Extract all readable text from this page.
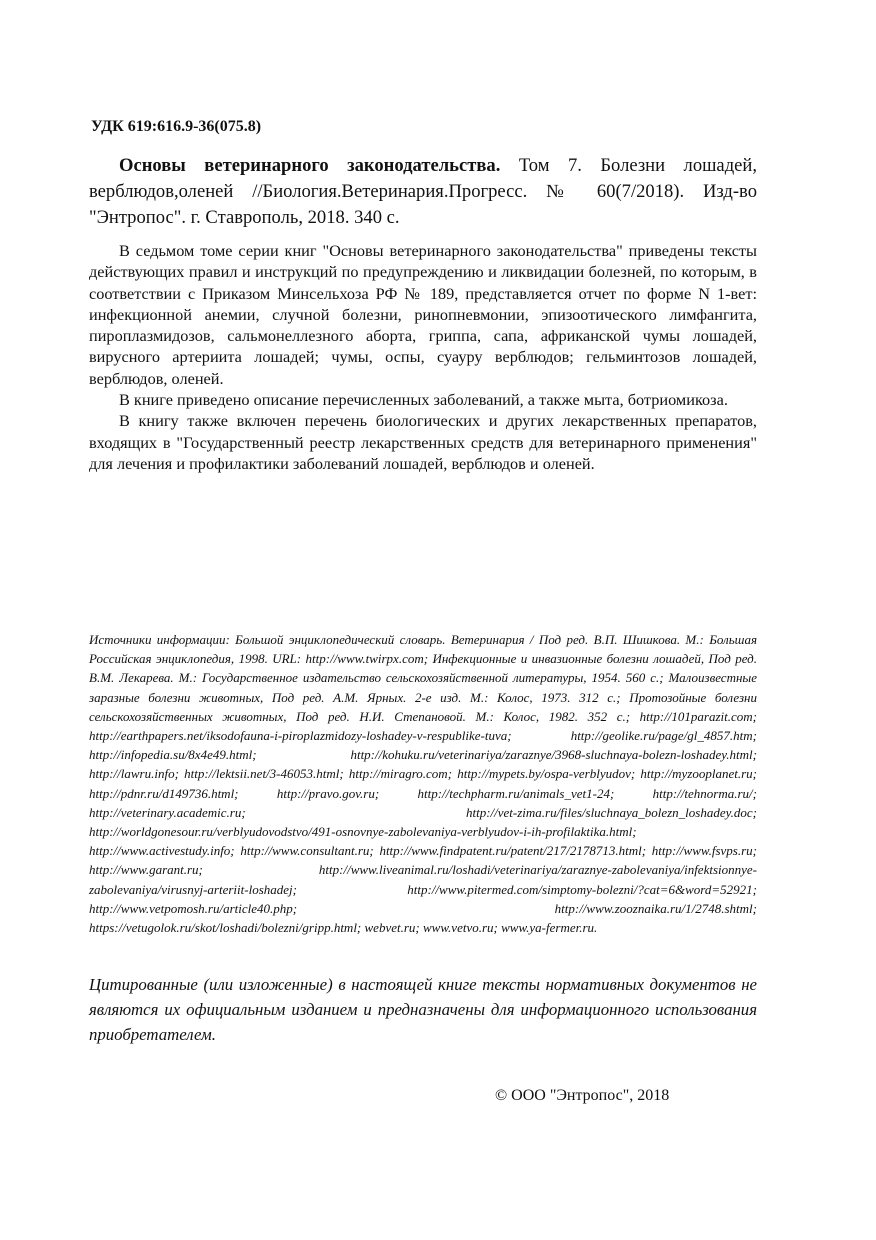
УДК 619:616.9-36(075.8)
Основы ветеринарного законодательства. Том 7. Болезни лошадей, верблюдов,оленей //Биология.Ветеринария.Прогресс. № 60(7/2018). Изд-во "Энтропос". г. Ставрополь, 2018. 340 с.

В седьмом томе серии книг "Основы ветеринарного законодательства" приведены тексты действующих правил и инструкций по предупреждению и ликвидации болезней, по которым, в соответствии с Приказом Минсельхоза РФ № 189, представляется отчет по форме N 1-вет: инфекционной анемии, случной болезни, ринопневмонии, эпизоотического лимфангита, пироплазмидозов, сальмонеллезного аборта, гриппа, сапа, африканской чумы лошадей, вирусного артериита лошадей; чумы, оспы, суауру верблюдов; гельминтозов лошадей, верблюдов, оленей.

В книге приведено описание перечисленных заболеваний, а также мыта, ботриомикоза.

В книгу также включен перечень биологических и других лекарственных препаратов, входящих в "Государственный реестр лекарственных средств для ветеринарного применения" для лечения и профилактики заболеваний лошадей, верблюдов и оленей.

Источники информации: Большой энциклопедический словарь. Ветеринария / Под ред. В.П. Шишкова. М.: Большая Российская энциклопедия, 1998. URL: http://www.twirpx.com; Инфекционные и инвазионные болезни лошадей, Под ред. В.М. Лекарева. М.: Государственное издательство сельскохозяйственной литературы, 1954. 560 с.; Малоизвестные заразные болезни животных, Под ред. А.М. Ярных. 2-е изд. М.: Колос, 1973. 312 с.; Протозойные болезни сельскохозяйственных животных, Под ред. Н.И. Степановой. М.: Колос, 1982. 352 с.; http://101parazit.com; http://earthpapers.net/iksodofauna-i-piroplazmidozy-loshadey-v-respublike-tuva; http://geolike.ru/page/gl_4857.htm; http://infopedia.su/8x4e49.html; http://kohuku.ru/veterinariya/zaraznye/3968-sluchnaya-bolezn-loshadey.html; http://lawru.info; http://lektsii.net/3-46053.html; http://miragro.com; http://mypets.by/ospa-verblyudov; http://myzooplanet.ru; http://pdnr.ru/d149736.html; http://pravo.gov.ru; http://techpharm.ru/animals_vet1-24; http://tehnorma.ru/; http://veterinary.academic.ru; http://vet-zima.ru/files/sluchnaya_bolezn_loshadey.doc; http://worldgonesour.ru/verblyudovodstvo/491-osnovnye-zabolevaniya-verblyudov-i-ih-profilaktika.html; http://www.activestudy.info; http://www.consultant.ru; http://www.findpatent.ru/patent/217/2178713.html; http://www.fsvps.ru; http://www.garant.ru; http://www.liveanimal.ru/loshadi/veterinariya/zaraznye-zabolevaniya/infektsionnye-zabolevaniya/virusnyj-arteriit-loshadej; http://www.pitermed.com/simptomy-bolezni/?cat=6&word=52921; http://www.vetpomosh.ru/article40.php; http://www.zooznaika.ru/1/2748.shtml; https://vetugolok.ru/skot/loshadi/bolezni/gripp.html; webvet.ru; www.vetvo.ru; www.ya-fermer.ru.
Цитированные (или изложенные) в настоящей книге тексты нормативных документов не являются их официальным изданием и предназначены для информационного использования приобретателем.
© ООО "Энтропос", 2018
